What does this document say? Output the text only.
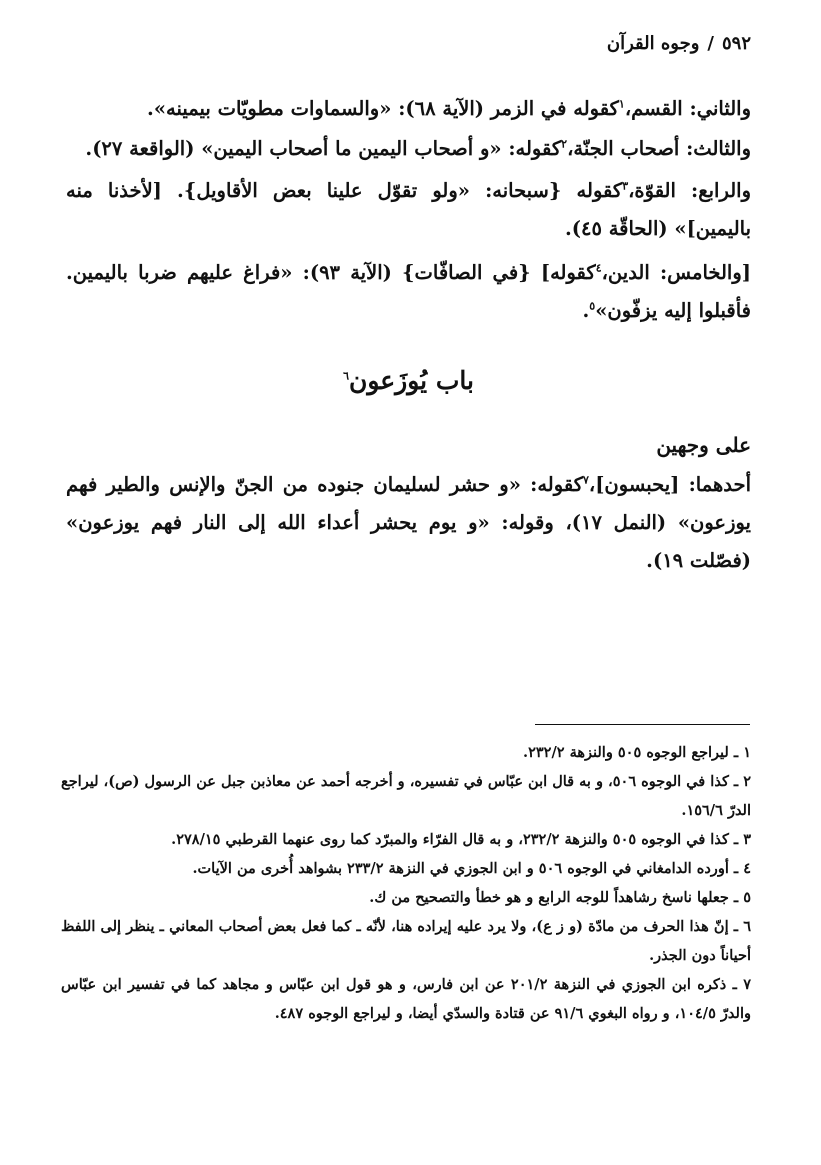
٥٩٢/وجوه القرآن

والثاني: القسم،$^١$كقوله في الزمر (الآية ٦٨): «والسماوات مطويّات بيمينه».

والثالث: أصحاب الجنّة،$^٢$كقوله: «و أصحاب اليمين ما أصحاب اليمين» (الواقعة ٢٧).

والرابع: القوّة،$^٣$كقوله {سبحانه: «ولو تقوّل علينا بعض الأقاويل}. [لأخذنا منه باليمين]» (الحاقّة ٤٥).

[والخامس: الدين،$^٤$كقوله] {في الصافّات} (الآية ٩٣): «فراغ عليهم ضربا باليمين. فأقبلوا إليه يزفّون»$^٥$.

باب يُوزَعون$^٦$
على وجهين

أحدهما: [يحبسون]،$^٧$كقوله: «و حشر لسليمان جنوده من الجنّ والإنس والطير فهم يوزعون» (النمل ١٧)، وقوله: «و يوم يحشر أعداء الله إلى النار فهم يوزعون» (فصّلت ١٩).

١ ـ ليراجع الوجوه ٥٠٥ والنزهة ٢٣٢/٢.

٢ ـ كذا في الوجوه ٥٠٦، و به قال ابن عبّاس في تفسيره، و أخرجه أحمد عن معاذبن جبل عن الرسول (ص)، ليراجع الدرّ ١٥٦/٦.

٣ ـ كذا في الوجوه ٥٠٥ والنزهة ٢٣٢/٢، و به قال الفرّاء والمبرّد كما روى عنهما القرطبي ٢٧٨/١٥.

٤ ـ أورده الدامغاني في الوجوه ٥٠٦ و ابن الجوزي في النزهة ٢٣٣/٢ بشواهد أُخرى من الآيات.

٥ ـ جعلها ناسخ رشاهداً للوجه الرابع و هو خطأ والتصحيح من ك.

٦ ـ إنّ هذا الحرف من مادّة (و ز ع)، ولا يرد عليه إيراده هنا، لأنّه ـ كما فعل بعض أصحاب المعاني ـ ينظر إلى اللفظ أحياناً دون الجذر.

٧ ـ ذكره ابن الجوزي في النزهة ٢٠١/٢ عن ابن فارس، و هو قول ابن عبّاس و مجاهد كما في تفسير ابن عبّاس والدرّ ١٠٤/٥، و رواه البغوي ٩١/٦ عن قتادة والسدّي أيضا، و ليراجع الوجوه ٤٨٧.
